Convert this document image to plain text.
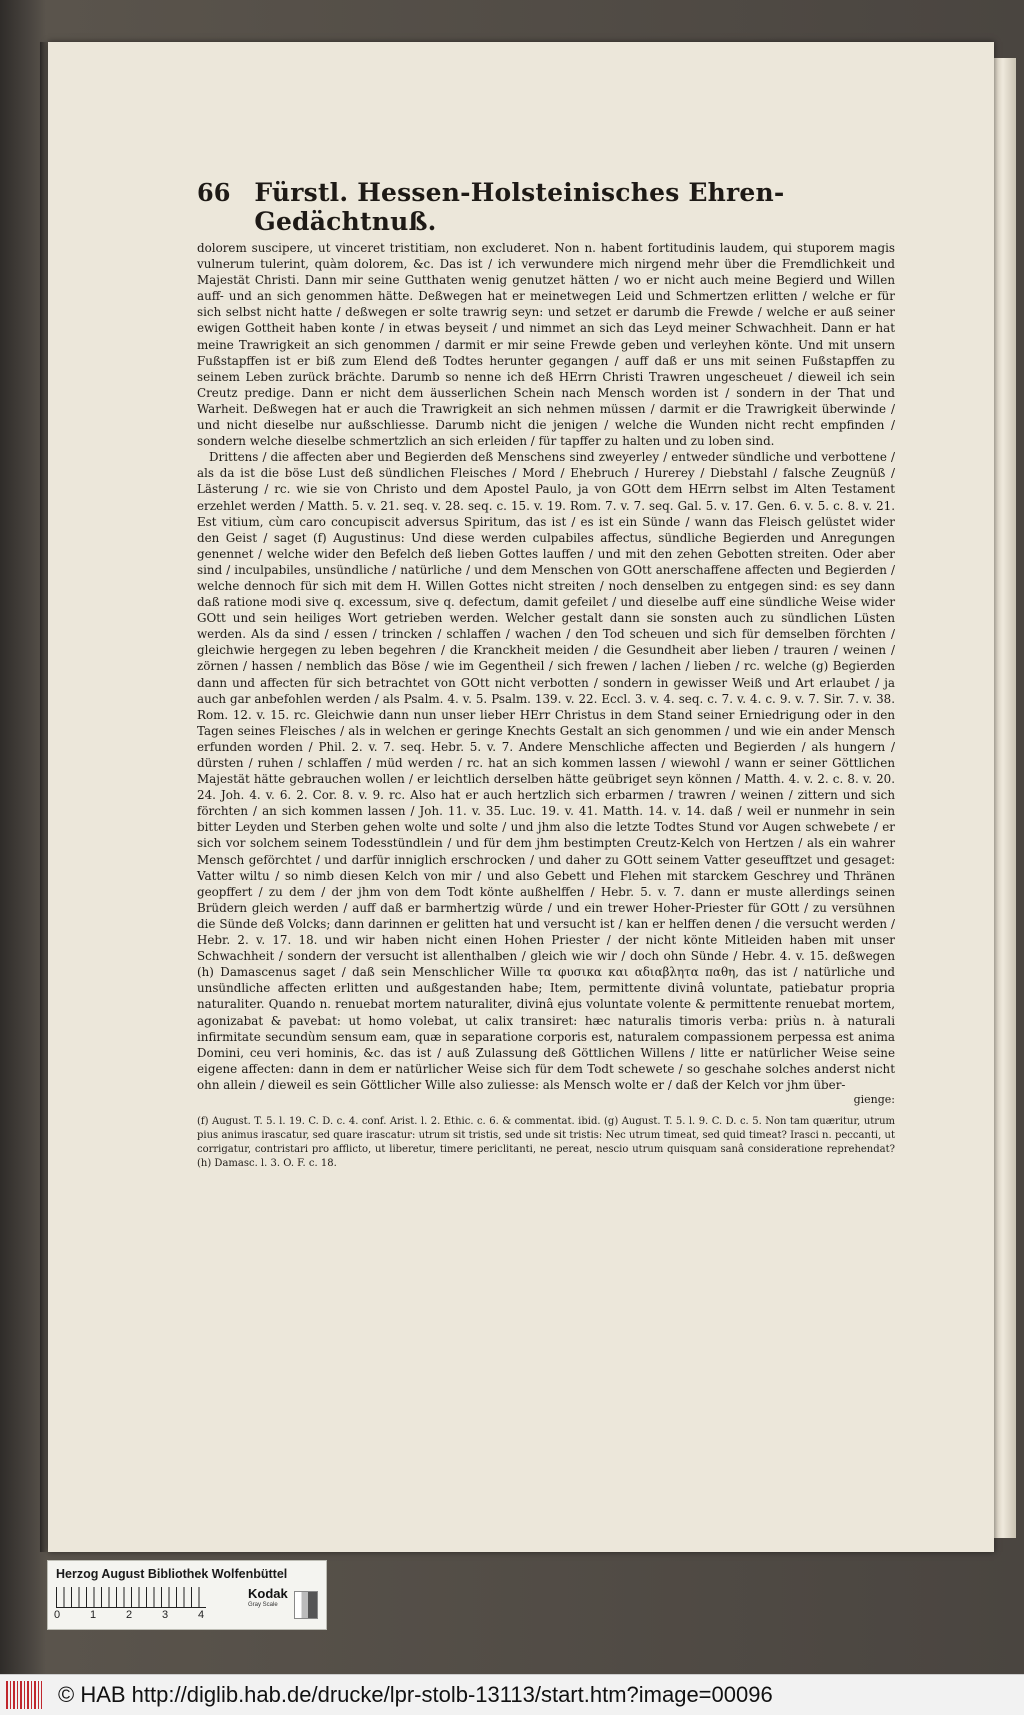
66 Fürstl. Hessen-Holsteinisches Ehren-Gedächtnuß.

dolorem suscipere, ut vinceret tristitiam, non excluderet. Non n. habent fortitudinis laudem, qui stuporem magis vulnerum tulerint, quàm dolorem, &c. Das ist / ich verwundere mich nirgend mehr über die Fremdlichkeit und Majestät Christi. Dann mir seine Gutthaten wenig genutzet hätten / wo er nicht auch meine Begierd und Willen auff- und an sich genommen hätte. Deßwegen hat er meinetwegen Leid und Schmertzen erlitten / welche er für sich selbst nicht hatte / deßwegen er solte trawrig seyn: und setzet er darumb die Frewde / welche er auß seiner ewigen Gottheit haben konte / in etwas beyseit / und nimmet an sich das Leyd meiner Schwachheit. Dann er hat meine Trawrigkeit an sich genommen / darmit er mir seine Frewde geben und verleyhen könte. Und mit unsern Fußstapffen ist er biß zum Elend deß Todtes herunter gegangen / auff daß er uns mit seinen Fußstapffen zu seinem Leben zurück brächte. Darumb so nenne ich deß HErrn Christi Trawren ungescheuet / dieweil ich sein Creutz predige. Dann er nicht dem äusserlichen Schein nach Mensch worden ist / sondern in der That und Warheit. Deßwegen hat er auch die Trawrigkeit an sich nehmen müssen / darmit er die Trawrigkeit überwinde / und nicht dieselbe nur außschliesse. Darumb nicht die jenigen / welche die Wunden nicht recht empfinden / sondern welche dieselbe schmertzlich an sich erleiden / für tapffer zu halten und zu loben sind.

Drittens / die affecten aber und Begierden deß Menschens sind zweyerley / entweder sündliche und verbottene / als da ist die böse Lust deß sündlichen Fleisches / Mord / Ehebruch / Hurerey / Diebstahl / falsche Zeugnüß / Lästerung / rc. wie sie von Christo und dem Apostel Paulo, ja von GOtt dem HErrn selbst im Alten Testament erzehlet werden / Matth. 5. v. 21. seq. v. 28. seq. c. 15. v. 19. Rom. 7. v. 7. seq. Gal. 5. v. 17. Gen. 6. v. 5. c. 8. v. 21. Est vitium, cùm caro concupiscit adversus Spiritum, das ist / es ist ein Sünde / wann das Fleisch gelüstet wider den Geist / saget (f) Augustinus: Und diese werden culpabiles affectus, sündliche Begierden und Anregungen genennet / welche wider den Befelch deß lieben Gottes lauffen / und mit den zehen Gebotten streiten. Oder aber sind / inculpabiles, unsündliche / natürliche / und dem Menschen von GOtt anerschaffene affecten und Begierden / welche dennoch für sich mit dem H. Willen Gottes nicht streiten / noch denselben zu entgegen sind: es sey dann daß ratione modi sive q. excessum, sive q. defectum, damit gefeilet / und dieselbe auff eine sündliche Weise wider GOtt und sein heiliges Wort getrieben werden. Welcher gestalt dann sie sonsten auch zu sündlichen Lüsten werden. Als da sind / essen / trincken / schlaffen / wachen / den Tod scheuen und sich für demselben förchten / gleichwie hergegen zu leben begehren / die Kranckheit meiden / die Gesundheit aber lieben / trauren / weinen / zörnen / hassen / nemblich das Böse / wie im Gegentheil / sich frewen / lachen / lieben / rc. welche (g) Begierden dann und affecten für sich betrachtet von GOtt nicht verbotten / sondern in gewisser Weiß und Art erlaubet / ja auch gar anbefohlen werden / als Psalm. 4. v. 5. Psalm. 139. v. 22. Eccl. 3. v. 4. seq. c. 7. v. 4. c. 9. v. 7. Sir. 7. v. 38. Rom. 12. v. 15. rc. Gleichwie dann nun unser lieber HErr Christus in dem Stand seiner Erniedrigung oder in den Tagen seines Fleisches / als in welchen er geringe Knechts Gestalt an sich genommen / und wie ein ander Mensch erfunden worden / Phil. 2. v. 7. seq. Hebr. 5. v. 7. Andere Menschliche affecten und Begierden / als hungern / dürsten / ruhen / schlaffen / müd werden / rc. hat an sich kommen lassen / wiewohl / wann er seiner Göttlichen Majestät hätte gebrauchen wollen / er leichtlich derselben hätte geübriget seyn können / Matth. 4. v. 2. c. 8. v. 20. 24. Joh. 4. v. 6. 2. Cor. 8. v. 9. rc. Also hat er auch hertzlich sich erbarmen / trawren / weinen / zittern und sich förchten / an sich kommen lassen / Joh. 11. v. 35. Luc. 19. v. 41. Matth. 14. v. 14. daß / weil er nunmehr in sein bitter Leyden und Sterben gehen wolte und solte / und jhm also die letzte Todtes Stund vor Augen schwebete / er sich vor solchem seinem Todesstündlein / und für dem jhm bestimpten Creutz-Kelch von Hertzen / als ein wahrer Mensch geförchtet / und darfür inniglich erschrocken / und daher zu GOtt seinem Vatter geseufftzet und gesaget: Vatter wiltu / so nimb diesen Kelch von mir / und also Gebett und Flehen mit starckem Geschrey und Thränen geopffert / zu dem / der jhm von dem Todt könte außhelffen / Hebr. 5. v. 7. dann er muste allerdings seinen Brüdern gleich werden / auff daß er barmhertzig würde / und ein trewer Hoher-Priester für GOtt / zu versühnen die Sünde deß Volcks; dann darinnen er gelitten hat und versucht ist / kan er helffen denen / die versucht werden / Hebr. 2. v. 17. 18. und wir haben nicht einen Hohen Priester / der nicht könte Mitleiden haben mit unser Schwachheit / sondern der versucht ist allenthalben / gleich wie wir / doch ohn Sünde / Hebr. 4. v. 15. deßwegen (h) Damascenus saget / daß sein Menschlicher Wille τα φυσικα και αδιαβλητα παθη, das ist / natürliche und unsündliche affecten erlitten und außgestanden habe; Item, permittente divinâ voluntate, patiebatur propria naturaliter. Quando n. renuebat mortem naturaliter, divinâ ejus voluntate volente & permittente renuebat mortem, agonizabat & pavebat: ut homo volebat, ut calix transiret: hæc naturalis timoris verba: priùs n. à naturali infirmitate secundùm sensum eam, quæ in separatione corporis est, naturalem compassionem perpessa est anima Domini, ceu veri hominis, &c. das ist / auß Zulassung deß Göttlichen Willens / litte er natürlicher Weise seine eigene affecten: dann in dem er natürlicher Weise sich für dem Todt schewete / so geschahe solches anderst nicht ohn allein / dieweil es sein Göttlicher Wille also zuliesse: als Mensch wolte er / daß der Kelch vor jhm über-

gienge:
(f) August. T. 5. l. 19. C. D. c. 4. conf. Arist. l. 2. Ethic. c. 6. & commentat. ibid. (g) August. T. 5. l. 9. C. D. c. 5. Non tam quæritur, utrum pius animus irascatur, sed quare irascatur: utrum sit tristis, sed unde sit tristis: Nec utrum timeat, sed quid timeat? Irasci n. peccanti, ut corrigatur, contristari pro afflicto, ut liberetur, timere periclitanti, ne pereat, nescio utrum quisquam sanâ consideratione reprehendat? (h) Damasc. l. 3. O. F. c. 18.
Herzog August Bibliothek Wolfenbüttel
0	1	2	3	4
Kodak
Gray Scale
© HAB http://diglib.hab.de/drucke/lpr-stolb-13113/start.htm?image=00096
